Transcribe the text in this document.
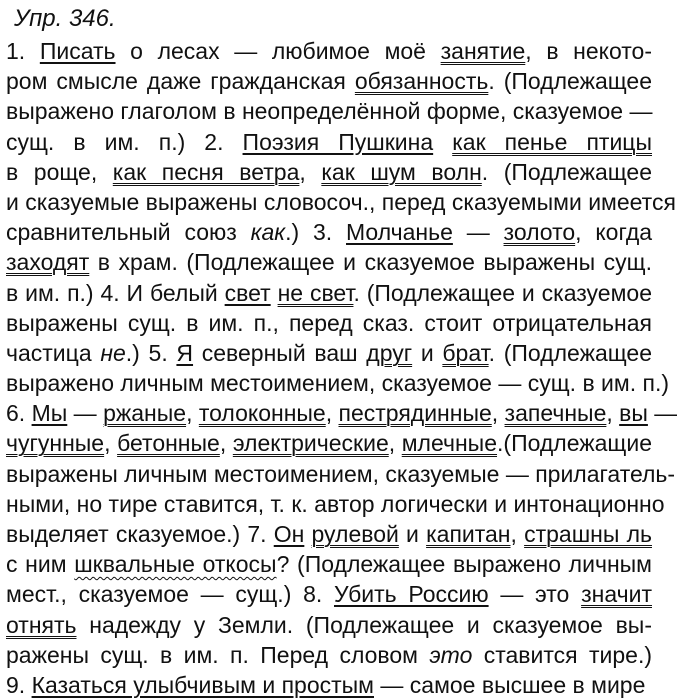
Упр. 346.
1. Писать о лесах — любимое моё занятие, в некото-
ром смысле даже гражданская обязанность. (Подлежащее
выражено глаголом в неопределённой форме, сказуемое —
сущ. в им. п.) 2. Поэзия Пушкина как пенье птицы
в роще, как песня ветра, как шум волн. (Подлежащее
и сказуемые выражены словосоч., перед сказуемыми имеется
сравнительный союз как.) 3. Молчанье — золото, когда
заходят в храм. (Подлежащее и сказуемое выражены сущ.
в им. п.) 4. И белый свет не свет. (Подлежащее и сказуемое
выражены сущ. в им. п., перед сказ. стоит отрицательная
частица не.) 5. Я северный ваш друг и брат. (Подлежащее
выражено личным местоимением, сказуемое — сущ. в им. п.)
6. Мы — ржаные, толоконные, пестрядинные, запечные, вы —
чугунные, бетонные, электрические, млечные.(Подлежащие
выражены личным местоимением, сказуемые — прилагатель-
ными, но тире ставится, т. к. автор логически и интонационно
выделяет сказуемое.) 7. Он рулевой и капитан, страшны ль
с ним шквальные откосы? (Подлежащее выражено личным
мест., сказуемое — сущ.) 8. Убить Россию — это значит
отнять надежду у Земли. (Подлежащее и сказуемое вы-
ражены сущ. в им. п. Перед словом это ставится тире.)
9. Казаться улыбчивым и простым — самое высшее в мире
